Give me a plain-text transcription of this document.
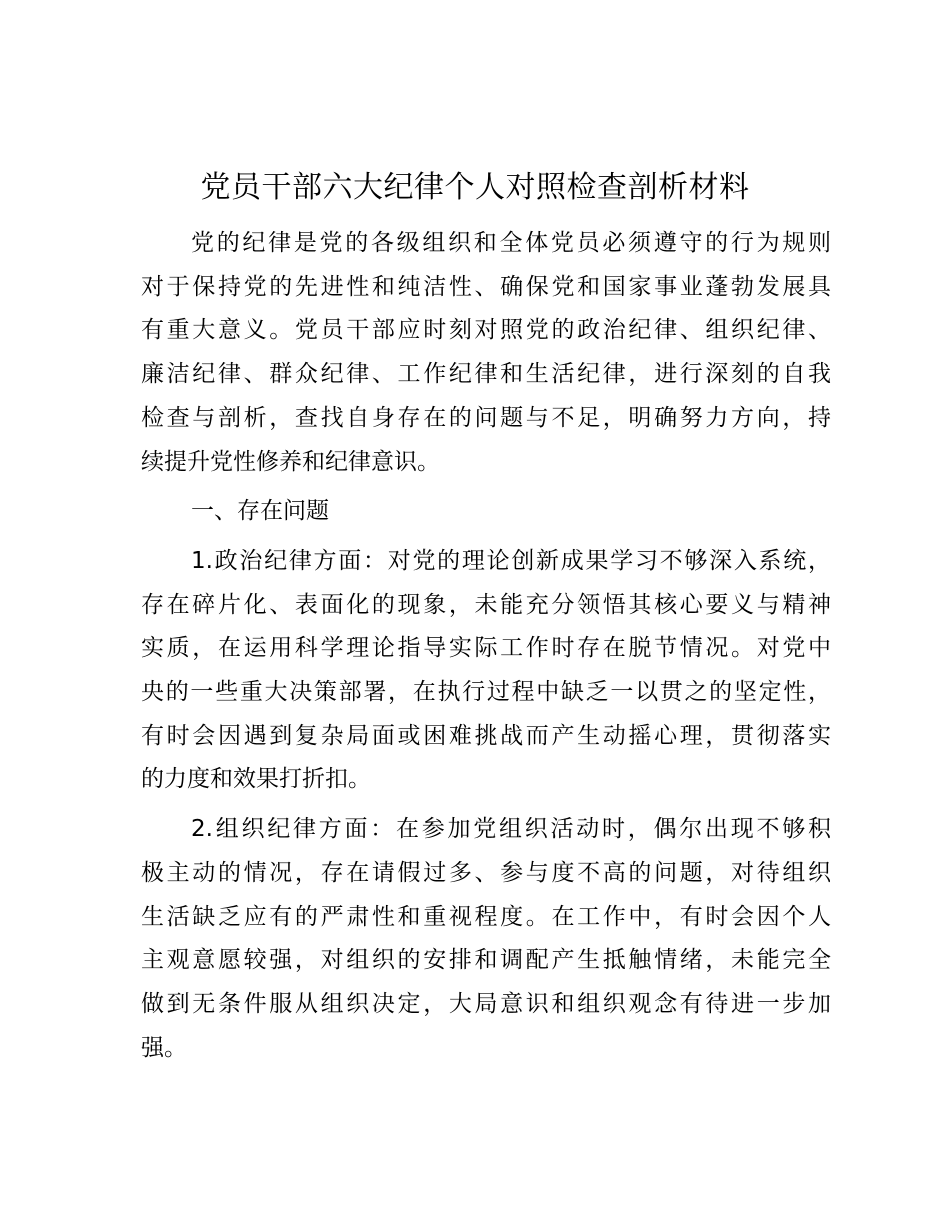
党员干部六大纪律个人对照检查剖析材料

党的纪律是党的各级组织和全体党员必须遵守的行为规则
对于保持党的先进性和纯洁性、确保党和国家事业蓬勃发展具
有重大意义。党员干部应时刻对照党的政治纪律、组织纪律、
廉洁纪律、群众纪律、工作纪律和生活纪律，进行深刻的自我
检查与剖析，查找自身存在的问题与不足，明确努力方向，持
续提升党性修养和纪律意识。

一、存在问题

1.政治纪律方面：对党的理论创新成果学习不够深入系统，
存在碎片化、表面化的现象，未能充分领悟其核心要义与精神
实质，在运用科学理论指导实际工作时存在脱节情况。对党中
央的一些重大决策部署，在执行过程中缺乏一以贯之的坚定性，
有时会因遇到复杂局面或困难挑战而产生动摇心理，贯彻落实
的力度和效果打折扣。

2.组织纪律方面：在参加党组织活动时，偶尔出现不够积
极主动的情况，存在请假过多、参与度不高的问题，对待组织
生活缺乏应有的严肃性和重视程度。在工作中，有时会因个人
主观意愿较强，对组织的安排和调配产生抵触情绪，未能完全
做到无条件服从组织决定，大局意识和组织观念有待进一步加
强。
